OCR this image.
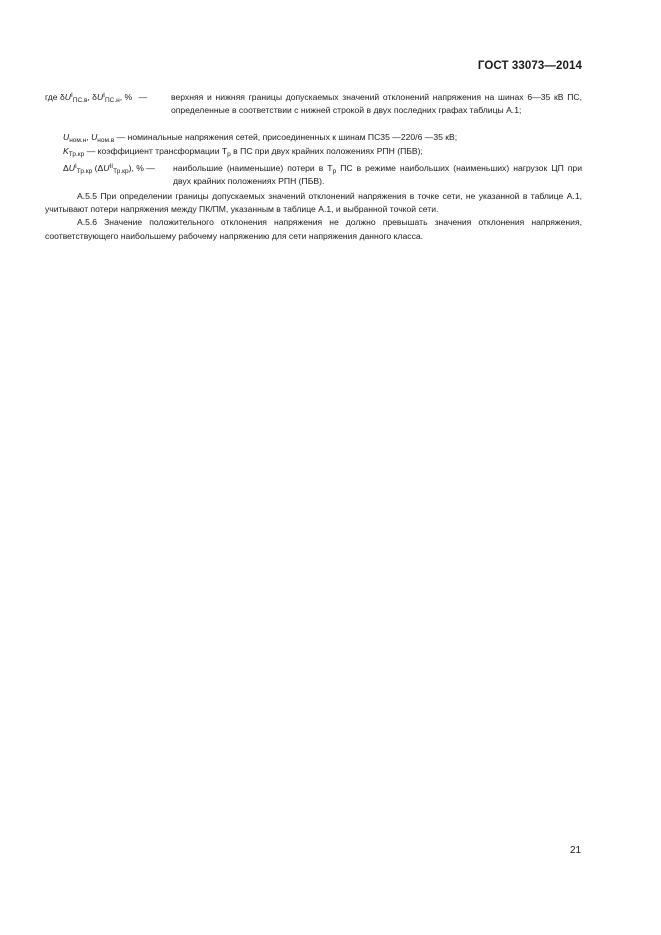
ГОСТ 33073—2014
где $\delta U^I_{ПС.в}$, $\delta U^I_{ПС.н}$, % —	верхняя и нижняя границы допускаемых значений отклонений напряжения на шинах 6—35 кВ ПС, определенные в соответствии с нижней строкой в двух последних графах таблицы А.1;
$U_{ном.н}$, $U_{ном.в}$ — номинальные напряжения сетей, присоединенных к шинам ПС35 —220/6 —35 кВ;
$K_{Тр.кр}$ — коэффициент трансформации $Т_р$ в ПС при двух крайних положениях РПН (ПБВ);
$\Delta U^I_{Тр.кр}$ $(\Delta U^{II}_{Тр.кр})$, % — наибольшие (наименьшие) потери в $Т_р$ ПС в режиме наибольших (наименьших) нагрузок ЦП при двух крайних положениях РПН (ПБВ).
А.5.5 При определении границы допускаемых значений отклонений напряжения в точке сети, не указанной в таблице А.1, учитывают потери напряжения между ПК/ПМ, указанным в таблице А.1, и выбранной точкой сети.
А.5.6 Значение положительного отклонения напряжения не должно превышать значения отклонения напряжения, соответствующего наибольшему рабочему напряжению для сети напряжения данного класса.
21
